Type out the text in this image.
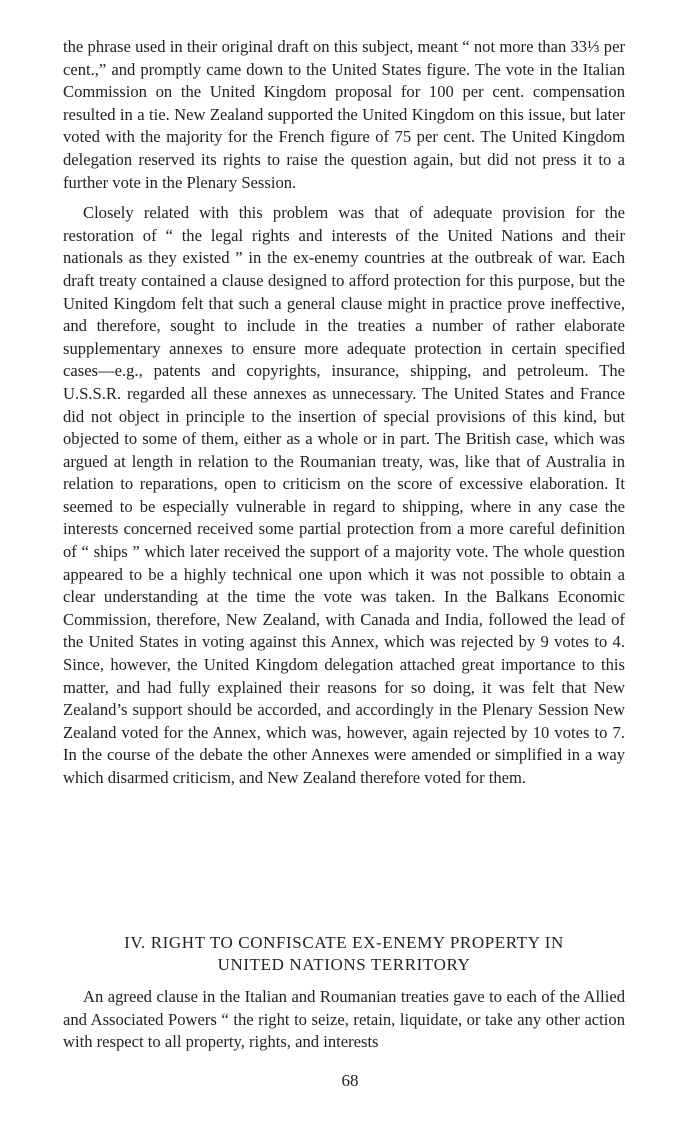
the phrase used in their original draft on this subject, meant “ not more than 33⅓ per cent.,” and promptly came down to the United States figure. The vote in the Italian Commission on the United Kingdom proposal for 100 per cent. compensation resulted in a tie. New Zealand supported the United Kingdom on this issue, but later voted with the majority for the French figure of 75 per cent. The United Kingdom delegation reserved its rights to raise the question again, but did not press it to a further vote in the Plenary Session.

Closely related with this problem was that of adequate provision for the restoration of “ the legal rights and interests of the United Nations and their nationals as they existed ” in the ex-enemy countries at the outbreak of war. Each draft treaty contained a clause designed to afford protection for this purpose, but the United Kingdom felt that such a general clause might in practice prove ineffective, and therefore, sought to include in the treaties a number of rather elaborate supplementary annexes to ensure more adequate protection in certain specified cases—e.g., patents and copyrights, insurance, shipping, and petroleum. The U.S.S.R. regarded all these annexes as unnecessary. The United States and France did not object in principle to the insertion of special provisions of this kind, but objected to some of them, either as a whole or in part. The British case, which was argued at length in relation to the Roumanian treaty, was, like that of Australia in relation to reparations, open to criticism on the score of excessive elaboration. It seemed to be especially vulnerable in regard to shipping, where in any case the interests concerned received some partial protection from a more careful definition of “ ships ” which later received the support of a majority vote. The whole question appeared to be a highly technical one upon which it was not possible to obtain a clear understanding at the time the vote was taken. In the Balkans Economic Commission, therefore, New Zealand, with Canada and India, followed the lead of the United States in voting against this Annex, which was rejected by 9 votes to 4. Since, however, the United Kingdom delegation attached great importance to this matter, and had fully explained their reasons for so doing, it was felt that New Zealand’s support should be accorded, and accordingly in the Plenary Session New Zealand voted for the Annex, which was, however, again rejected by 10 votes to 7. In the course of the debate the other Annexes were amended or simplified in a way which disarmed criticism, and New Zealand therefore voted for them.

IV. RIGHT TO CONFISCATE EX-ENEMY PROPERTY IN

UNITED NATIONS TERRITORY

An agreed clause in the Italian and Roumanian treaties gave to each of the Allied and Associated Powers “ the right to seize, retain, liquidate, or take any other action with respect to all property, rights, and interests

68
